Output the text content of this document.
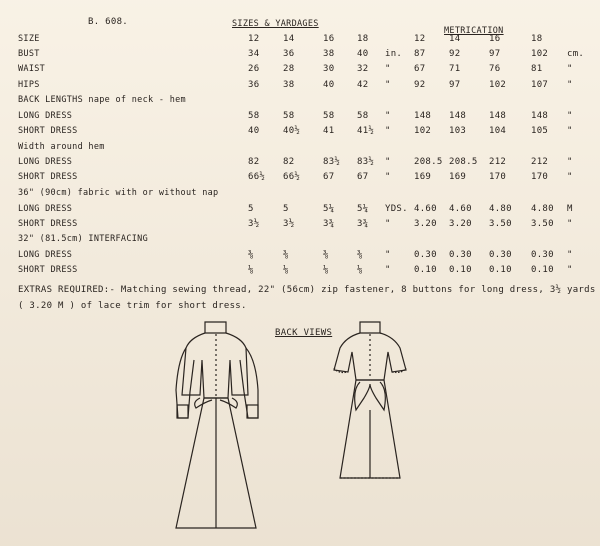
B. 608.	SIZES & YARDAGES
METRICATION
SIZE	12	14	16	18	12	14	16	18
BUST	34	36	38	40 in. 87	92	97	102 cm.
WAIST	26	28	30	32 "	67	71	76	81	"
HIPS	36	38	40	42 "	92	97	102	107 "
BACK LENGTHS nape of neck - hem
LONG DRESS	58	58	58	58 "	148 148	148	148 "
SHORT DRESS	40	40½	41	41½ "	102 103	104	105 "
Width around hem
LONG DRESS	82	82	83½ 83½ "	208.5 208.5 212	212 "
SHORT DRESS	66½ 66½	67	67 "	169 169	170	170 "
36" (90cm) fabric with or without nap
LONG DRESS	5	5	5¼	5¼ YDS. 4.60 4.60 4.80 4.80 M
SHORT DRESS	3½	3½	3¾	3¾ "	3.20 3.20 3.50 3.50 "
32" (81.5cm) INTERFACING
LONG DRESS	⅜	⅜	⅜	⅜ "	0.30 0.30 0.30 0.30 "
SHORT DRESS	⅛	⅛	⅛	⅛ "	0.10 0.10 0.10 0.10 "
EXTRAS REQUIRED:- Matching sewing thread, 22" (56cm) zip fastener, 8 buttons for long dress, 3½ yards
( 3.20 M ) of lace trim for short dress.
BACK VIEWS
